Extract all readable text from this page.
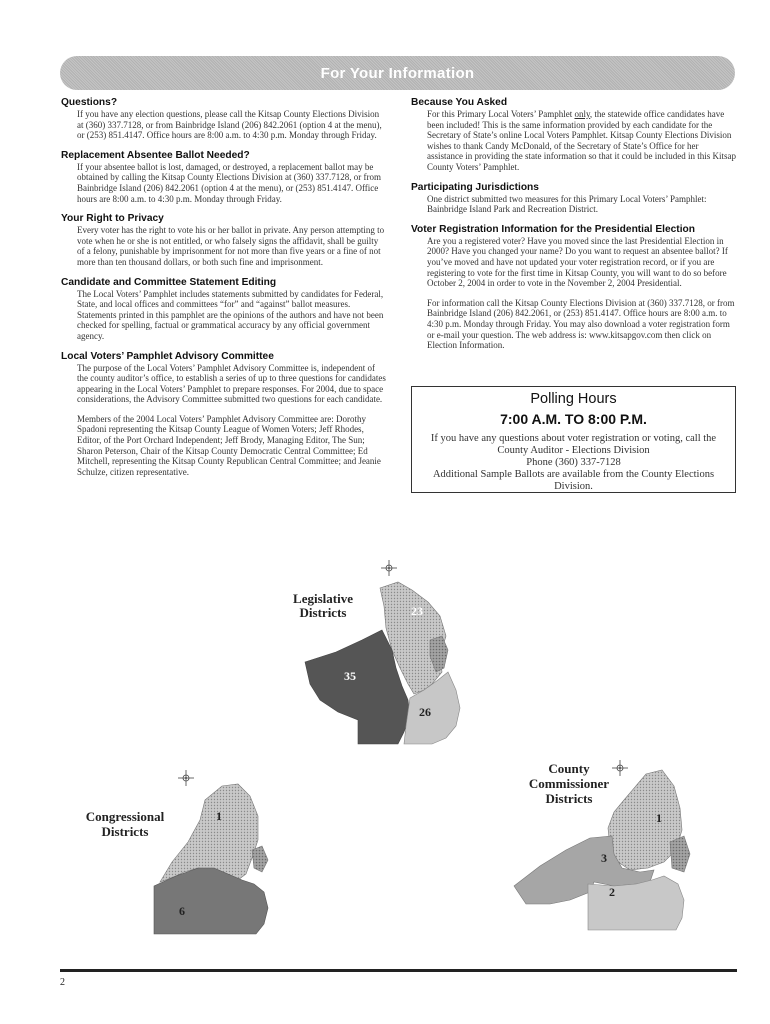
For Your Information
Questions?
If you have any election questions, please call the Kitsap County Elections Division at (360) 337.7128, or from Bainbridge Island (206) 842.2061 (option 4 at the menu), or (253) 851.4147. Office hours are 8:00 a.m. to 4:30 p.m. Monday through Friday.
Replacement Absentee Ballot Needed?
If your absentee ballot is lost, damaged, or destroyed, a replacement ballot may be obtained by calling the Kitsap County Elections Division at (360) 337.7128, or from Bainbridge Island (206) 842.2061 (option 4 at the menu), or (253) 851.4147. Office hours are 8:00 a.m. to 4:30 p.m. Monday through Friday.
Your Right to Privacy
Every voter has the right to vote his or her ballot in private. Any person attempting to vote when he or she is not entitled, or who falsely signs the affidavit, shall be guilty of a felony, punishable by imprisonment for not more than five years or a fine of not more than ten thousand dollars, or both such fine and imprisonment.
Candidate and Committee Statement Editing
The Local Voters’ Pamphlet includes statements submitted by candidates for Federal, State, and local offices and committees “for” and “against” ballot measures. Statements printed in this pamphlet are the opinions of the authors and have not been checked for spelling, factual or grammatical accuracy by any official government agency.
Local Voters’ Pamphlet Advisory Committee
The purpose of the Local Voters’ Pamphlet Advisory Committee is, independent of the county auditor’s office, to establish a series of up to three questions for candidates appearing in the Local Voters’ Pamphlet to prepare responses. For 2004, due to space considerations, the Advisory Committee submitted two questions for each candidate.
Members of the 2004 Local Voters’ Pamphlet Advisory Committee are: Dorothy Spadoni representing the Kitsap County League of Women Voters; Jeff Rhodes, Editor, of the Port Orchard Independent; Jeff Brody, Managing Editor, The Sun; Sharon Peterson, Chair of the Kitsap County Democratic Central Committee; Ed Mitchell, representing the Kitsap County Republican Central Committee; and Jeanie Schulze, citizen representative.
Because You Asked
For this Primary Local Voters’ Pamphlet only, the statewide office candidates have been included! This is the same information provided by each candidate for the Secretary of State’s online Local Voters Pamphlet. Kitsap County Elections Division wishes to thank Candy McDonald, of the Secretary of State’s Office for her assistance in providing the state information so that it could be included in this Kitsap County Voters’ Pamphlet.
Participating Jurisdictions
One district submitted two measures for this Primary Local Voters’ Pamphlet: Bainbridge Island Park and Recreation District.
Voter Registration Information for the Presidential Election
Are you a registered voter? Have you moved since the last Presidential Election in 2000? Have you changed your name? Do you want to request an absentee ballot? If you’ve moved and have not updated your voter registration record, or if you are registering to vote for the first time in Kitsap County, you will want to do so before October 2, 2004 in order to vote in the November 2, 2004 Presidential.
For information call the Kitsap County Elections Division at (360) 337.7128, or from Bainbridge Island (206) 842.2061, or (253) 851.4147. Office hours are 8:00 a.m. to 4:30 p.m. Monday through Friday. You may also download a voter registration form or e-mail your question. The web address is: www.kitsapgov.com then click on Election Information.
Polling Hours
7:00 A.M. TO 8:00 P.M.
If you have any questions about voter registration or voting, call the County Auditor - Elections Division
Phone (360) 337-7128
Additional Sample Ballots are available from the County Elections Division.
Legislative
Districts	23
35
26
Congressional
Districts
1
6
County
Commissioner
Districts
1
3
2
2
